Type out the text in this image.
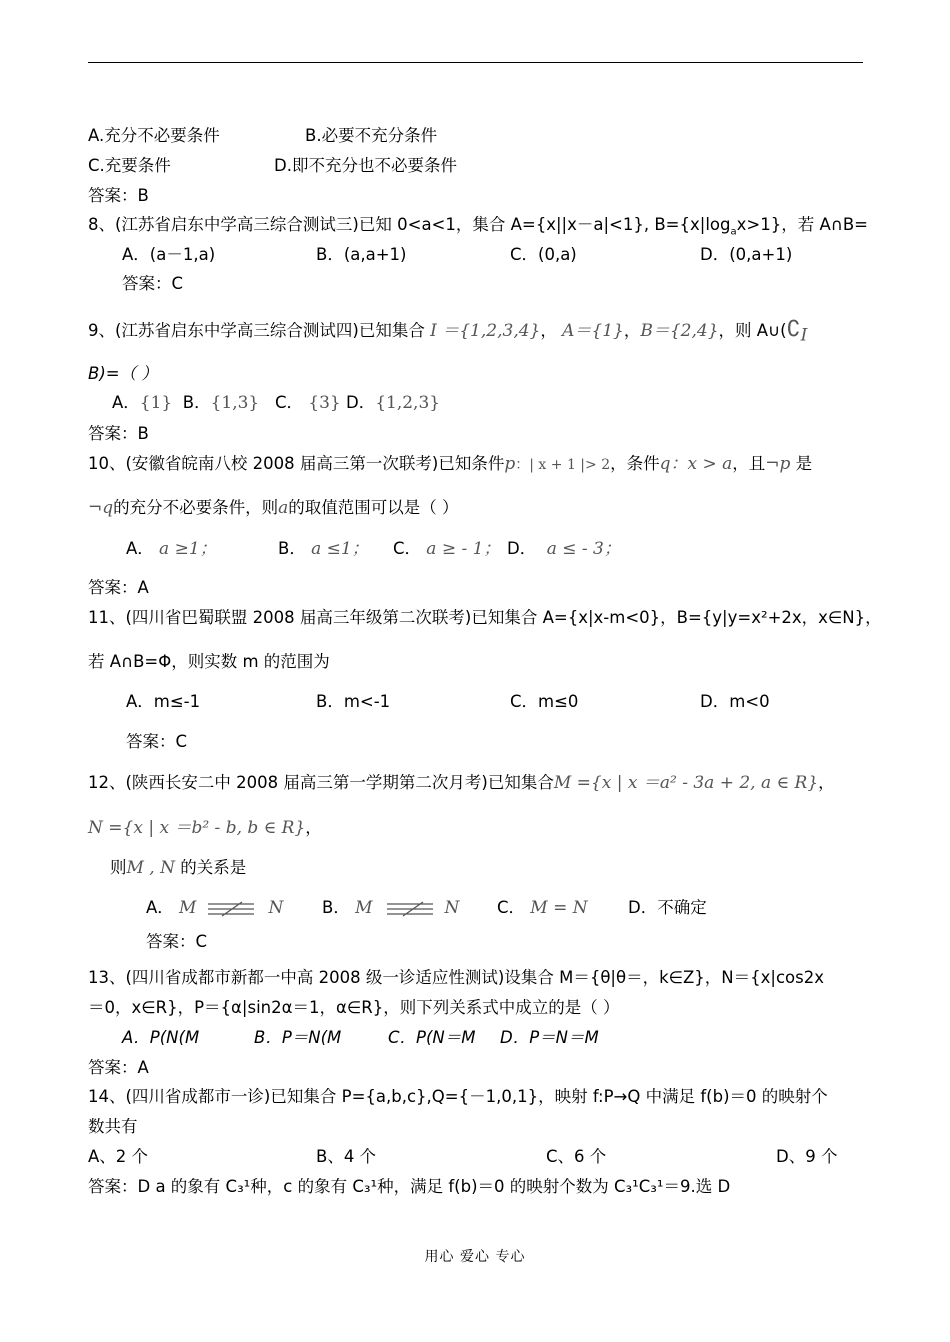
A.充分不必要条件	B.必要不充分条件
C.充要条件	D.即不充分也不必要条件
答案：B
8、(江苏省启东中学高三综合测试三)已知 0<a<1，集合 A={x||x－a|<1}, $B=\{x|\log_ax>1\}$，若 A∩B=
A．(a－1,a)	B．(a,a+1)	C．(0,a)	D．(0,a+1)
答案：C
9、(江苏省启东中学高三综合测试四)已知集合 I ＝{1,2,3,4}， A＝{1}，B＝{2,4}，则 $A\cup(∁_I$
B)=（ ）
A．{1} B．{1,3} C． {3} D．{1,2,3}
答案：B
10、(安徽省皖南八校 2008 届高三第一次联考)已知条件p：| x + 1 |> 2，条件q：x > a，且¬p 是
¬q的充分不必要条件，则a的取值范围可以是（ ）
A． a ≥1；	B． a ≤1； C． a ≥ - 1； D． a ≤ - 3；
答案：A
11、(四川省巴蜀联盟 2008 届高三年级第二次联考)已知集合 A={x|x-m<0}，B={y|y=x²+2x，x∈N}，
若 A∩B=Φ，则实数 m 的范围为
A．m≤-1	B．m<-1	C．m≤0	D．m<0
答案：C
12、(陕西长安二中 2008 届高三第一学期第二次月考)已知集合M ={x | x ＝a² - 3a + 2, a ∈ R}，
N ={x | x ＝b² - b, b ∈ R}，
则M , N 的关系是
A． M	N B． M	N C． M = N D．不确定
答案：C
13、(四川省成都市新都一中高 2008 级一诊适应性测试)设集合 M＝{θ|θ＝，k∈Z}，N＝{x|cos2x
＝0，x∈R}，P＝{α|sin2α＝1，α∈R}，则下列关系式中成立的是（ ）
A．P(N(M	B．P＝N(M	C．P(N＝M D．P＝N＝M
答案：A
14、(四川省成都市一诊)已知集合 P={a,b,c},Q={－1,0,1}，映射 f:P→Q 中满足 f(b)＝0 的映射个
数共有
A、2 个	B、4 个	C、6 个	D、9 个
答案：D a 的象有 C₃¹种，c 的象有 C₃¹种，满足 f(b)＝0 的映射个数为 C₃¹C₃¹＝9.选 D
用心 爱心 专心
